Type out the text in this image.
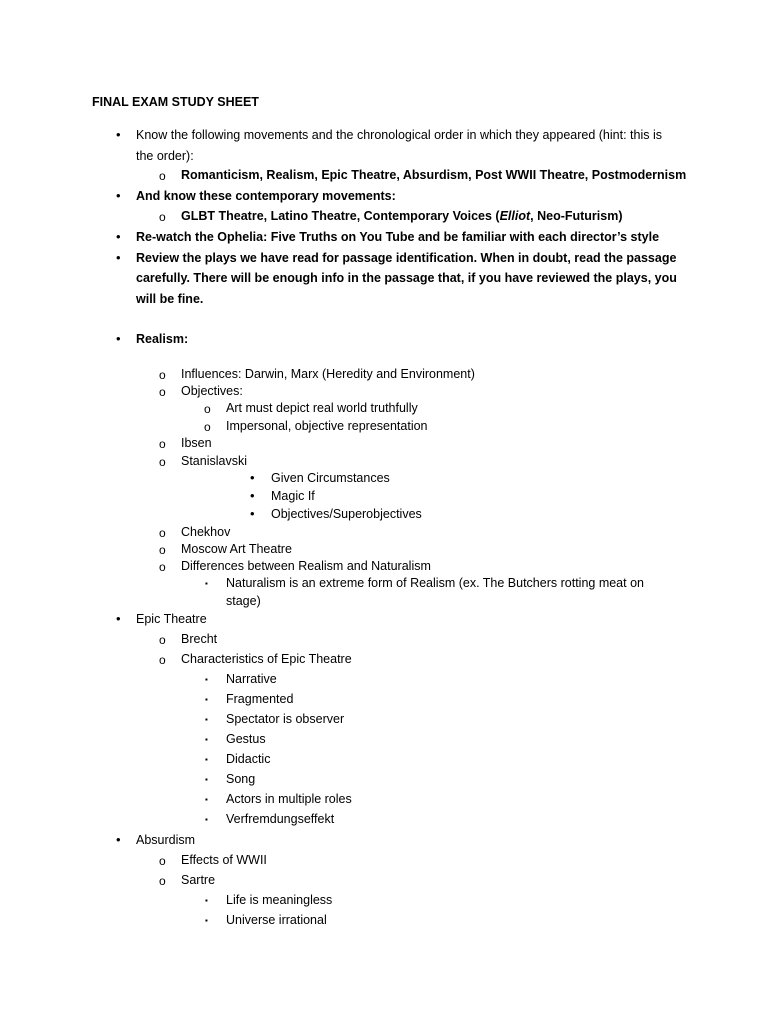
FINAL EXAM STUDY SHEET
• Know the following movements and the chronological order in which they appeared (hint: this is
the order):
o Romanticism, Realism, Epic Theatre, Absurdism, Post WWII Theatre, Postmodernism
• And know these contemporary movements:
o GLBT Theatre, Latino Theatre, Contemporary Voices (Elliot, Neo-Futurism)
• Re-watch the Ophelia: Five Truths on You Tube and be familiar with each director’s style
• Review the plays we have read for passage identification. When in doubt, read the passage
carefully. There will be enough info in the passage that, if you have reviewed the plays, you
will be fine.
• Realism:
o Influences: Darwin, Marx (Heredity and Environment)
o Objectives:
o Art must depict real world truthfully
o Impersonal, objective representation
o Ibsen
o Stanislavski
• Given Circumstances
• Magic If
• Objectives/Superobjectives
o Chekhov
o Moscow Art Theatre
o Differences between Realism and Naturalism
▪ Naturalism is an extreme form of Realism (ex. The Butchers rotting meat on
stage)
• Epic Theatre
o Brecht
o Characteristics of Epic Theatre
▪ Narrative
▪ Fragmented
▪ Spectator is observer
▪ Gestus
▪ Didactic
▪ Song
▪ Actors in multiple roles
▪ Verfremdungseffekt
• Absurdism
o Effects of WWII
o Sartre
▪ Life is meaningless
▪ Universe irrational
